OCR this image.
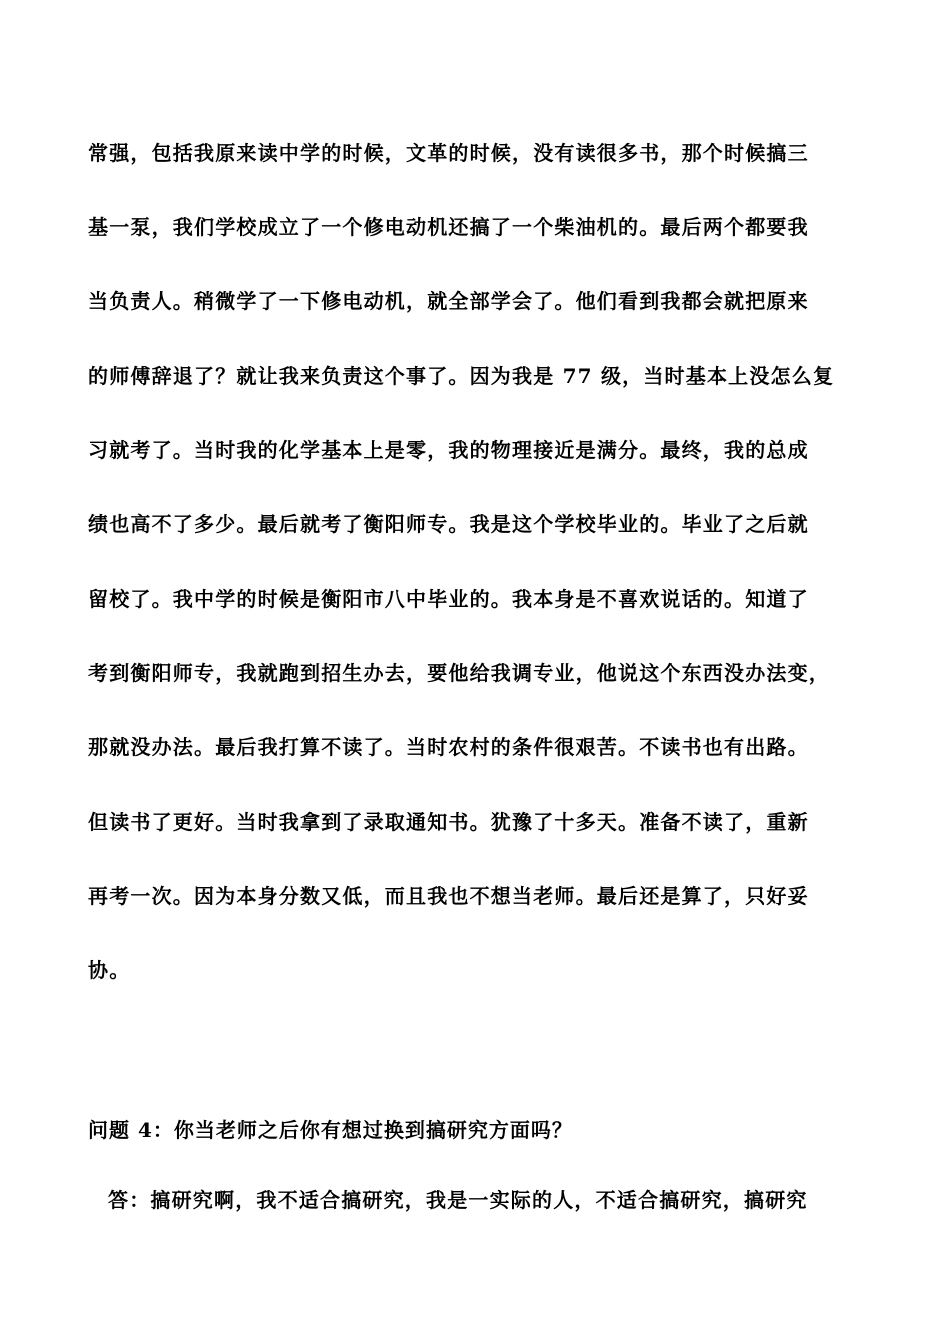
常强，包括我原来读中学的时候，文革的时候，没有读很多书，那个时候搞三
基一泵，我们学校成立了一个修电动机还搞了一个柴油机的。最后两个都要我
当负责人。稍微学了一下修电动机，就全部学会了。他们看到我都会就把原来
的师傅辞退了？就让我来负责这个事了。因为我是 77 级，当时基本上没怎么复
习就考了。当时我的化学基本上是零，我的物理接近是满分。最终，我的总成
绩也高不了多少。最后就考了衡阳师专。我是这个学校毕业的。毕业了之后就
留校了。我中学的时候是衡阳市八中毕业的。我本身是不喜欢说话的。知道了
考到衡阳师专，我就跑到招生办去，要他给我调专业，他说这个东西没办法变，
那就没办法。最后我打算不读了。当时农村的条件很艰苦。不读书也有出路。
但读书了更好。当时我拿到了录取通知书。犹豫了十多天。准备不读了，重新
再考一次。因为本身分数又低，而且我也不想当老师。最后还是算了，只好妥
协。
问题 4：你当老师之后你有想过换到搞研究方面吗？
答：搞研究啊，我不适合搞研究，我是一实际的人，不适合搞研究，搞研究
